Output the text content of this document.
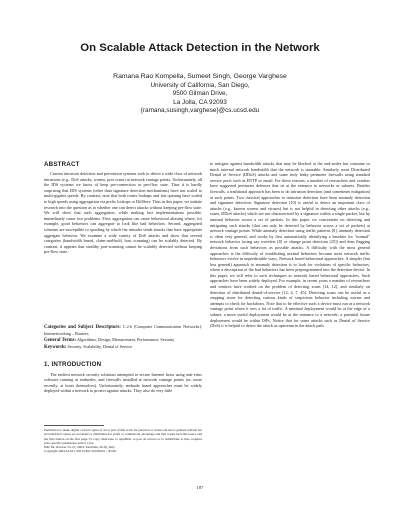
On Scalable Attack Detection in the Network
Ramana Rao Kompella, Sumeet Singh, George Varghese
University of California, San Diego,
9500 Gilman Drive,
La Jolla, CA 92093
{ramana,susingh,varghese}@cs.ucsd.edu
ABSTRACT

Current intrusion detection and prevention systems seek to detect a wide class of network intrusions (e.g., DoS attacks, worms, port scans) at network vantage points. Unfortunately, all the IDS systems we know of keep per-connection or per-flow state. Thus it is hardly surprising that IDS systems (other than signature detection mechanisms) have not scaled to multi-gigabit speeds. By contrast, note that both router lookups and fair queuing have scaled to high speeds using aggregation via prefix lookups or DiffServ. Thus in this paper, we initiate research into the question as to whether one can detect attacks without keeping per-flow state. We will show that such aggregation, while making fast implementations possible, immediately cause two problems. First, aggregation can cause behavioral aliasing where, for example, good behaviors can aggregate to look like bad behaviors. Second, aggregated schemes are susceptible to spoofing by which the intruder sends attacks that have appropriate aggregate behavior. We examine a wide variety of DoS attacks and show that several categories (bandwidth based, claim-and-hold, host scanning) can be scalably detected. By contrast, it appears that stealthy port-scanning cannot be scalably detected without keeping per-flow state.

Categories and Subject Descriptors: C.2.6 [Computer Communication Networks]: Internetworking – Routers;

General Terms: Algorithms, Design, Measurement, Performance, Security

Keywords: Security, Scalability, Denial of Service

1. INTRODUCTION

The earliest network security solutions attempted to secure Internet hosts using anti-virus software running at endnodes, and firewalls installed at network vantage points (or, more recently, at hosts themselves). Unfortunately, endnode based approaches must be widely deployed within a network to protect against attacks. They also do very little

Permission to make digital or hard copies of all or part of this work for personal or classroom use is granted without fee provided that copies are not made or distributed for profit or commercial advantage and that copies bear this notice and the full citation on the first page. To copy otherwise, to republish, to post on servers or to redistribute to lists, requires prior specific permission and/or a fee.
IMC'04, October 25–27, 2004, Taormina, Sicily, Italy.
Copyright 2004 ACM 1-58113-821-0/04/0010 ...$5.00.

to mitigate against bandwidth attacks that may be blocked at the end-nodes but consume so much internal network bandwidth that the network is unusable. Similarly, most Distributed Denial of Service (DDoS) attacks and some truly leaky perimeter firewalls using standard service ports such as HTTP or email. For these reasons, a number of researchers and vendors have suggested perimeter defenses that sit at the entrance to networks or subnets. Besides firewalls, a traditional approach has been to do intrusion detection (and sometimes mitigation) at such points. Two classical approaches to intrusion detection have been anomaly detection and signature detection. Signature detection [10] is useful to detect an important class of attacks (e.g., known worms and viruses) but is not helpful in detecting other attacks (e.g., scans, DDoS attacks) which are not characterized by a signature within a single packet, but by unusual behavior across a set of packets. In this paper, we concentrate on detecting and mitigating such attacks (that can only be detected by behavior across a set of packets) at network vantage points. While anomaly detection using traffic patterns [8], anomaly detection is often very general, and works by first automatically identifying a baseline for "normal" network behavior (using say wavelets [8] or change point detection [25]) and then flagging deviations from such behaviors as possible attacks. A difficulty with the most general approaches is the difficulty of establishing normal behaviors because most network traffic behaviors evolve in unpredictable ways. Network based behavioral approaches: A simpler (but less general) approach to anomaly detection is to look for violations of specific behaviors, where a description of the bad behaviors has been preprogrammed into the detection device. In this paper, we will refer to such techniques as network based behavioral approaches. Such approaches have been widely deployed. For example, in recent years a number of researchers and vendors have worked on the problem of detecting scans [14, 12], and similarly on detection of distributed denial-of-service [12, 4, 7, 45]. Detecting scans can be useful as a stepping stone for detecting various kinds of suspicious behavior including worms and attempts to check for backdoors. Note that to be effective such a device must run at a network vantage point where it sees a lot of traffic. A minimal deployment would be at the edge of a subnet; a more useful deployment would be at the entrance to a network; a potential future deployment would be within ISPs. Notice that for some attacks such as Denial of Service (DoS) it is helpful to detect the attack as upstream in the attack path

187
